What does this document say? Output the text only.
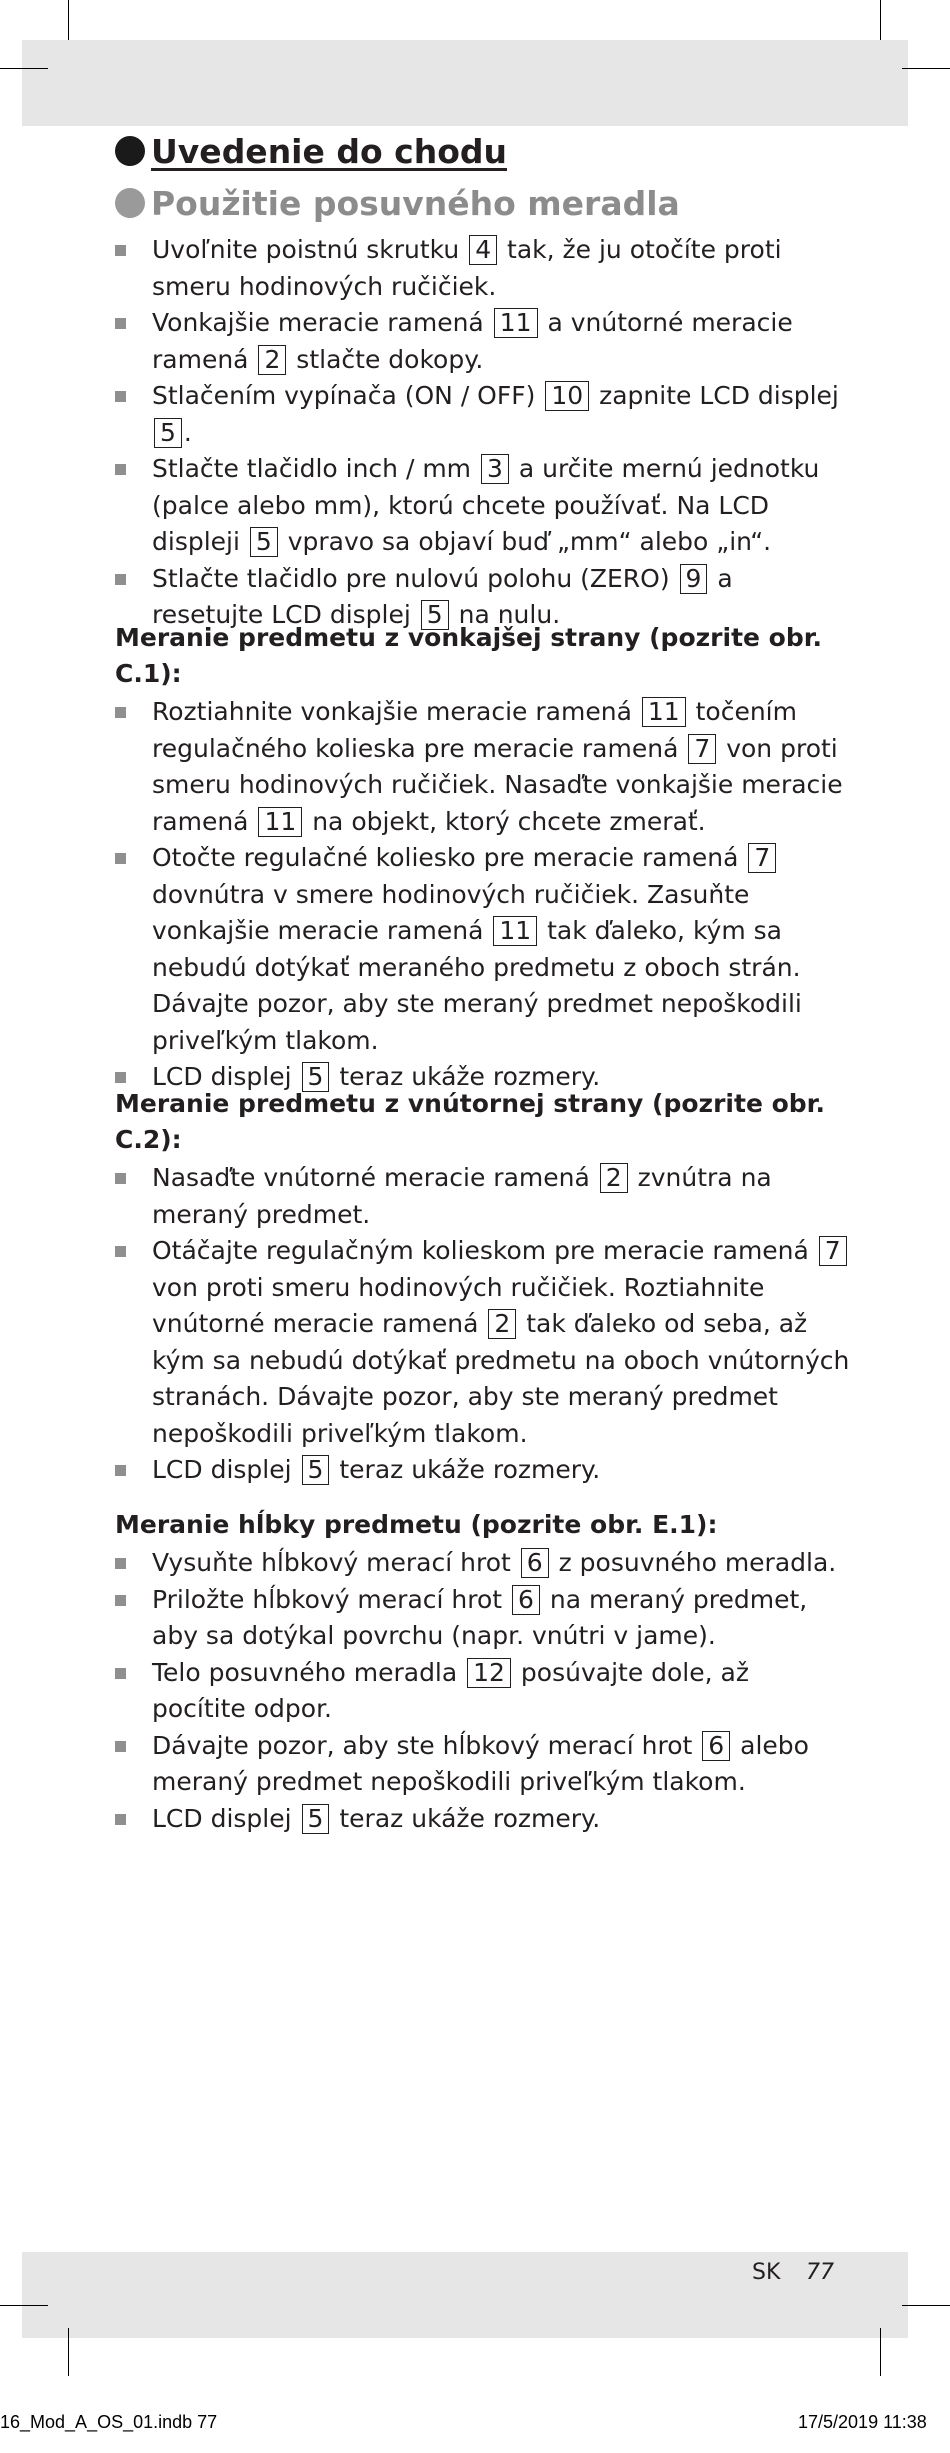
Uvedenie do chodu
Použitie posuvného meradla
Uvoľnite poistnú skrutku 4 tak, že ju otočíte proti smeru hodinových ručičiek.
Vonkajšie meracie ramená 11 a vnútorné meracie ramená 2 stlačte dokopy.
Stlačením vypínača (ON / OFF) 10 zapnite LCD displej 5 .
Stlačte tlačidlo inch / mm 3 a určite mernú jednotku (palce alebo mm), ktorú chcete používať. Na LCD displeji 5 vpravo sa objaví buď „mm“ alebo „in“.
Stlačte tlačidlo pre nulovú polohu (ZERO) 9 a resetujte LCD displej 5 na nulu.
Meranie predmetu z vonkajšej strany (pozrite obr. C.1):
Roztiahnite vonkajšie meracie ramená 11 točením regulačného kolieska pre meracie ramená 7 von proti smeru hodinových ručičiek. Nasaďte vonkajšie meracie ramená 11 na objekt, ktorý chcete zmerať.
Otočte regulačné koliesko pre meracie ramená 7 dovnútra v smere hodinových ručičiek. Zasuňte vonkajšie meracie ramená 11 tak ďaleko, kým sa nebudú dotýkať meraného predmetu z oboch strán. Dávajte pozor, aby ste meraný predmet nepoškodili priveľkým tlakom.
LCD displej 5 teraz ukáže rozmery.
Meranie predmetu z vnútornej strany (pozrite obr. C.2):
Nasaďte vnútorné meracie ramená 2 zvnútra na meraný predmet.
Otáčajte regulačným kolieskom pre meracie ramená 7 von proti smeru hodinových ručičiek. Roztiahnite vnútorné meracie ramená 2 tak ďaleko od seba, až kým sa nebudú dotýkať predmetu na oboch vnútorných stranách. Dávajte pozor, aby ste meraný predmet nepoškodili priveľkým tlakom.
LCD displej 5 teraz ukáže rozmery.
Meranie hĺbky predmetu (pozrite obr. E.1):
Vysuňte hĺbkový merací hrot 6 z posuvného meradla.
Priložte hĺbkový merací hrot 6 na meraný predmet, aby sa dotýkal povrchu (napr. vnútri v jame).
Telo posuvného meradla 12 posúvajte dole, až pocítite odpor.
Dávajte pozor, aby ste hĺbkový merací hrot 6 alebo meraný predmet nepoškodili priveľkým tlakom.
LCD displej 5 teraz ukáže rozmery.
SK 77
16_Mod_A_OS_01.indb 77	17/5/2019 11:38
